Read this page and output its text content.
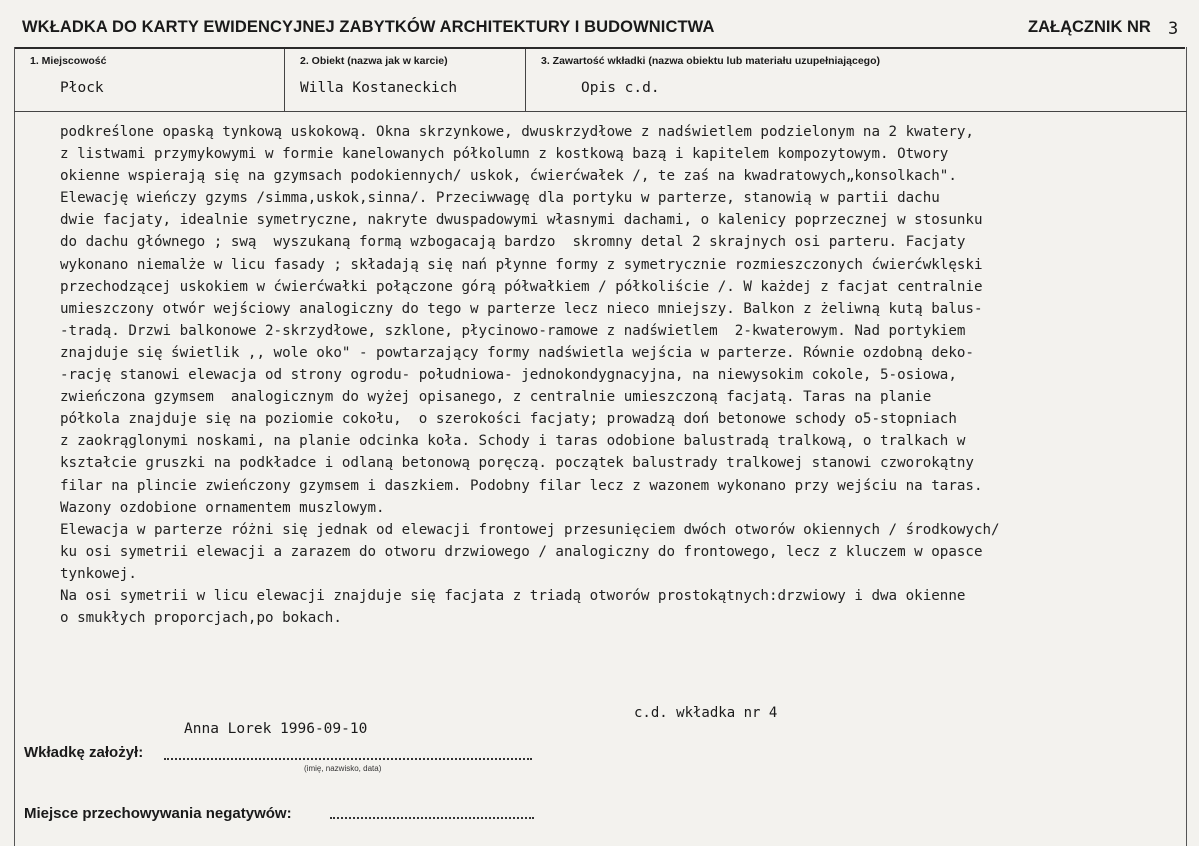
WKŁADKA DO KARTY EWIDENCYJNEJ ZABYTKÓW ARCHITEKTURY I BUDOWNICTWA	ZAŁĄCZNIK NR 3
1. Miejscowość
Płock
2. Obiekt (nazwa jak w karcie)
Willa Kostaneckich
3. Zawartość wkładki (nazwa obiektu lub materiału uzupełniającego)
Opis c.d.
podkreślone opaską tynkową uskokową. Okna skrzynkowe, dwuskrzydłowe z nadświetlem podzielonym na 2 kwatery,
z listwami przymykowymi w formie kanelowanych półkolumn z kostkową bazą i kapitelem kompozytowym. Otwory
okienne wspierają się na gzymsach podokiennych/ uskok, ćwierćwałek /, te zaś na kwadratowych„konsolkach".
Elewację wieńczy gzyms /simma,uskok,sinna/. Przeciwwagę dla portyku w parterze, stanowią w partii dachu
dwie facjaty, idealnie symetryczne, nakryte dwuspadowymi własnymi dachami, o kalenicy poprzecznej w stosunku
do dachu głównego ; swą  wyszukaną formą wzbogacają bardzo  skromny detal 2 skrajnych osi parteru. Facjaty
wykonano niemalże w licu fasady ; składają się nań płynne formy z symetrycznie rozmieszczonych ćwierćwklęski
przechodzącej uskokiem w ćwierćwałki połączone górą półwałkiem / półkoliście /. W każdej z facjat centralnie
umieszczony otwór wejściowy analogiczny do tego w parterze lecz nieco mniejszy. Balkon z żeliwną kutą balus-
-tradą. Drzwi balkonowe 2-skrzydłowe, szklone, płycinowo-ramowe z nadświetlem  2-kwaterowym. Nad portykiem
znajduje się świetlik ,, wole oko" - powtarzający formy nadświetla wejścia w parterze. Równie ozdobną deko-
-rację stanowi elewacja od strony ogrodu- południowa- jednokondygnacyjna, na niewysokim cokole, 5-osiowa,
zwieńczona gzymsem  analogicznym do wyżej opisanego, z centralnie umieszczoną facjatą. Taras na planie
półkola znajduje się na poziomie cokołu,  o szerokości facjaty; prowadzą doń betonowe schody o5-stopniach
z zaokrąglonymi noskami, na planie odcinka koła. Schody i taras odobione balustradą tralkową, o tralkach w
kształcie gruszki na podkładce i odlaną betonową poręczą. początek balustrady tralkowej stanowi czworokątny
filar na plincie zwieńczony gzymsem i daszkiem. Podobny filar lecz z wazonem wykonano przy wejściu na taras.
Wazony ozdobione ornamentem muszlowym.
Elewacja w parterze różni się jednak od elewacji frontowej przesunięciem dwóch otworów okiennych / środkowych/
ku osi symetrii elewacji a zarazem do otworu drzwiowego / analogiczny do frontowego, lecz z kluczem w opasce
tynkowej.
Na osi symetrii w licu elewacji znajduje się facjata z triadą otworów prostokątnych:drzwiowy i dwa okienne
o smukłych proporcjach,po bokach.
c.d. wkładka nr 4
Anna Lorek 1996-09-10
Wkładkę założył:
(imię, nazwisko, data)
Miejsce przechowywania negatywów:
